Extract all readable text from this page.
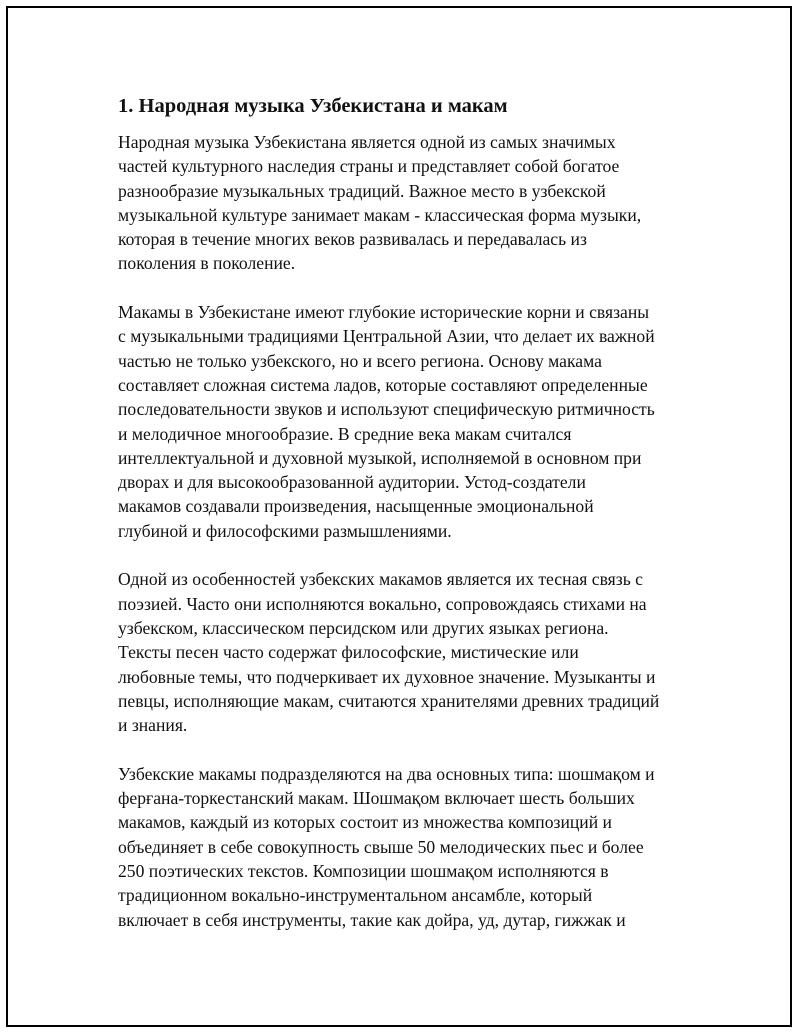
1. Народная музыка Узбекистана и макам
Народная музыка Узбекистана является одной из самых значимых
частей культурного наследия страны и представляет собой богатое
разнообразие музыкальных традиций. Важное место в узбекской
музыкальной культуре занимает макам - классическая форма музыки,
которая в течение многих веков развивалась и передавалась из
поколения в поколение.
Макамы в Узбекистане имеют глубокие исторические корни и связаны
с музыкальными традициями Центральной Азии, что делает их важной
частью не только узбекского, но и всего региона. Основу макама
составляет сложная система ладов, которые составляют определенные
последовательности звуков и используют специфическую ритмичность
и мелодичное многообразие. В средние века макам считался
интеллектуальной и духовной музыкой, исполняемой в основном при
дворах и для высокообразованной аудитории. Устод-создатели
макамов создавали произведения, насыщенные эмоциональной
глубиной и философскими размышлениями.
Одной из особенностей узбекских макамов является их тесная связь с
поэзией. Часто они исполняются вокально, сопровождаясь стихами на
узбекском, классическом персидском или других языках региона.
Тексты песен часто содержат философские, мистические или
любовные темы, что подчеркивает их духовное значение. Музыканты и
певцы, исполняющие макам, считаются хранителями древних традиций
и знания.
Узбекские макамы подразделяются на два основных типа: шошмақом и
ферғана-торкестанский макам. Шошмақом включает шесть больших
макамов, каждый из которых состоит из множества композиций и
объединяет в себе совокупность свыше 50 мелодических пьес и более
250 поэтических текстов. Композиции шошмақом исполняются в
традиционном вокально-инструментальном ансамбле, который
включает в себя инструменты, такие как дойра, уд, дутар, гижжак и
